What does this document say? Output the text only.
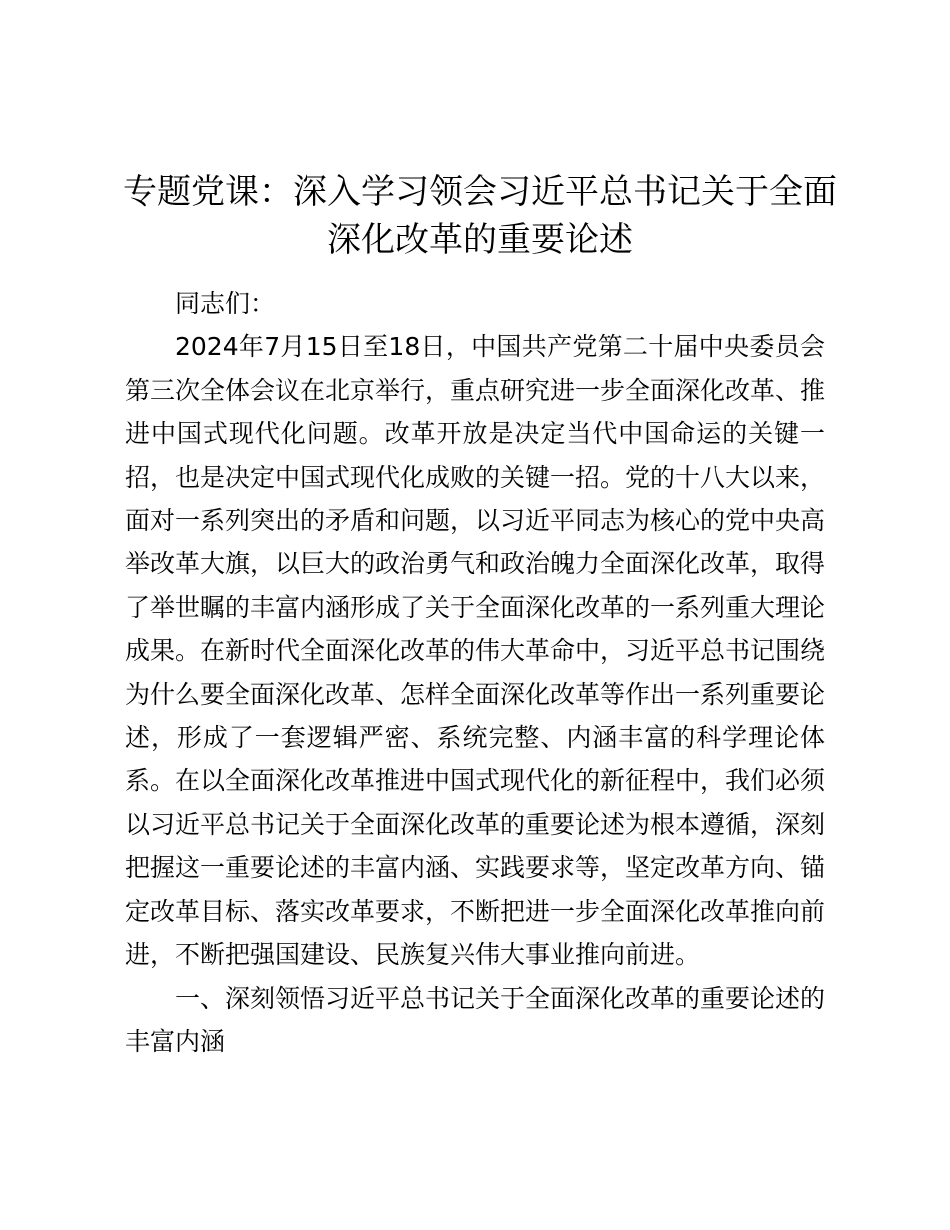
专题党课：深入学习领会习近平总书记关于全面深化改革的重要论述

同志们：

2024年7月15日至18日，中国共产党第二十届中央委员会第三次全体会议在北京举行，重点研究进一步全面深化改革、推进中国式现代化问题。改革开放是决定当代中国命运的关键一招，也是决定中国式现代化成败的关键一招。党的十八大以来，面对一系列突出的矛盾和问题，以习近平同志为核心的党中央高举改革大旗，以巨大的政治勇气和政治魄力全面深化改革，取得了举世瞩的丰富内涵形成了关于全面深化改革的一系列重大理论成果。在新时代全面深化改革的伟大革命中，习近平总书记围绕为什么要全面深化改革、怎样全面深化改革等作出一系列重要论述，形成了一套逻辑严密、系统完整、内涵丰富的科学理论体系。在以全面深化改革推进中国式现代化的新征程中，我们必须以习近平总书记关于全面深化改革的重要论述为根本遵循，深刻把握这一重要论述的丰富内涵、实践要求等，坚定改革方向、锚定改革目标、落实改革要求，不断把进一步全面深化改革推向前进，不断把强国建设、民族复兴伟大事业推向前进。

一、深刻领悟习近平总书记关于全面深化改革的重要论述的丰富内涵
